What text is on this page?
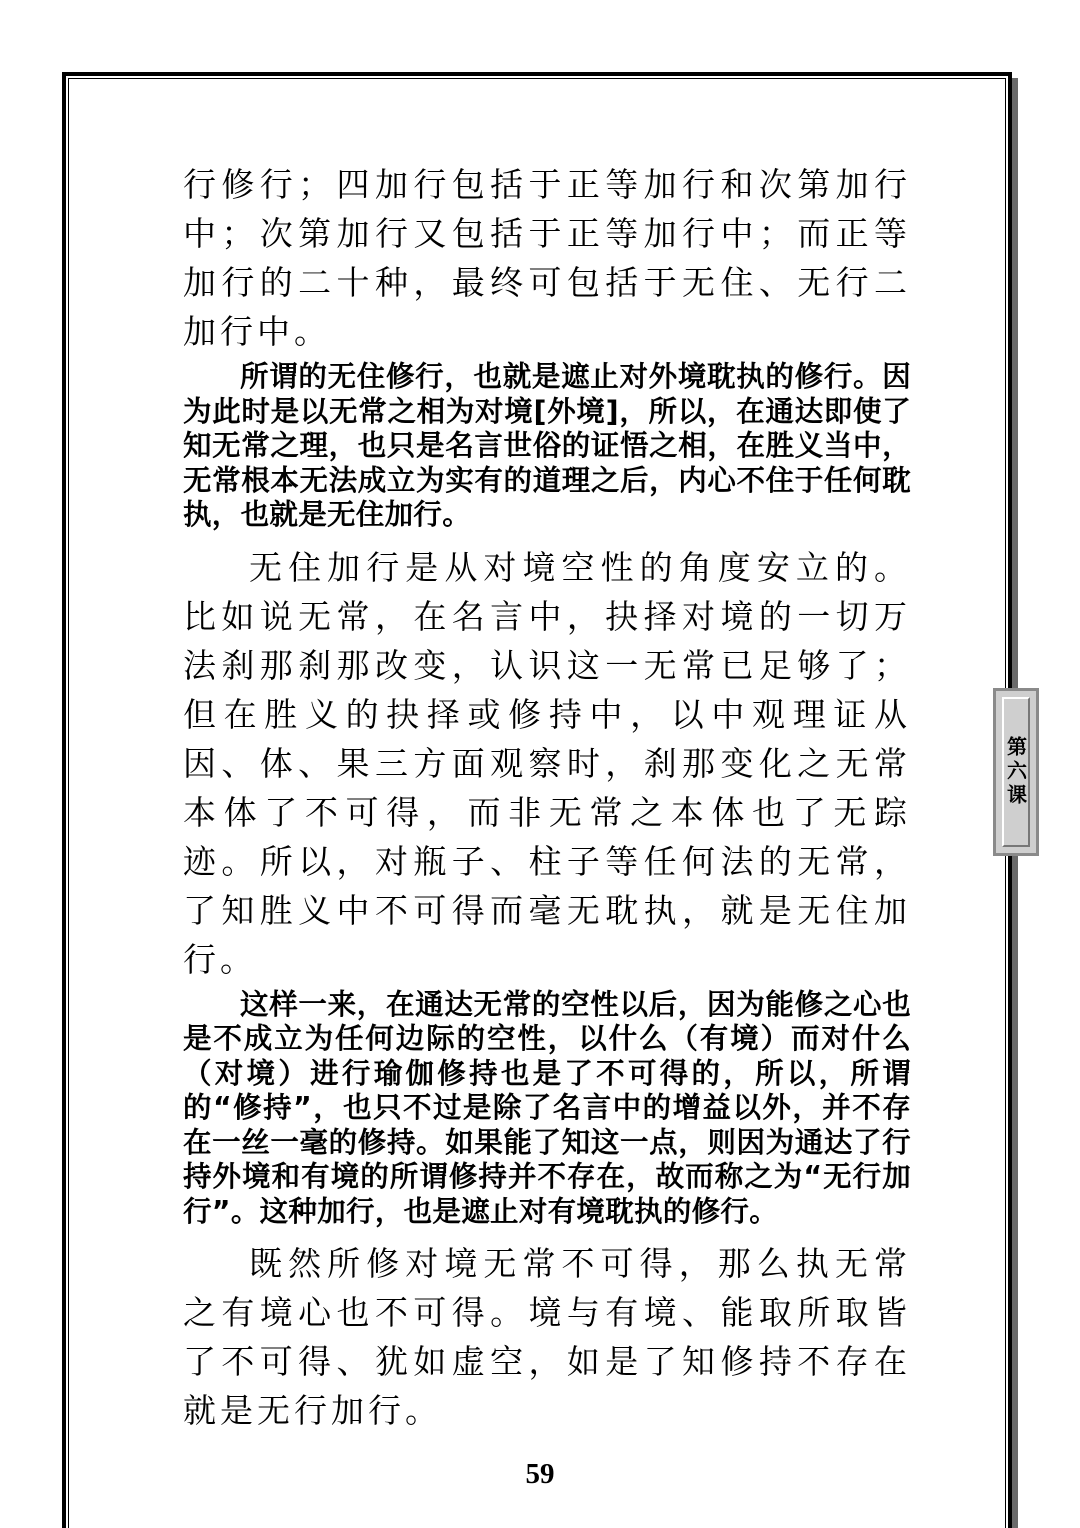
行修行；四加行包括于正等加行和次第加行中；次第加行又包括于正等加行中；而正等加行的二十种，最终可包括于无住、无行二加行中。

所谓的无住修行，也就是遮止对外境耽执的修行。因为此时是以无常之相为对境[外境]，所以，在通达即使了知无常之理，也只是名言世俗的证悟之相，在胜义当中，无常根本无法成立为实有的道理之后，内心不住于任何耽执，也就是无住加行。

无住加行是从对境空性的角度安立的。比如说无常，在名言中，抉择对境的一切万法刹那刹那改变，认识这一无常已足够了；但在胜义的抉择或修持中，以中观理证从因、体、果三方面观察时，刹那变化之无常本体了不可得，而非无常之本体也了无踪迹。所以，对瓶子、柱子等任何法的无常，了知胜义中不可得而毫无耽执，就是无住加行。

这样一来，在通达无常的空性以后，因为能修之心也是不成立为任何边际的空性，以什么（有境）而对什么（对境）进行瑜伽修持也是了不可得的，所以，所谓的“修持”，也只不过是除了名言中的增益以外，并不存在一丝一毫的修持。如果能了知这一点，则因为通达了行持外境和有境的所谓修持并不存在，故而称之为“无行加行”。这种加行，也是遮止对有境耽执的修行。

既然所修对境无常不可得，那么执无常之有境心也不可得。境与有境、能取所取皆了不可得、犹如虚空，如是了知修持不存在就是无行加行。

第六课
59
